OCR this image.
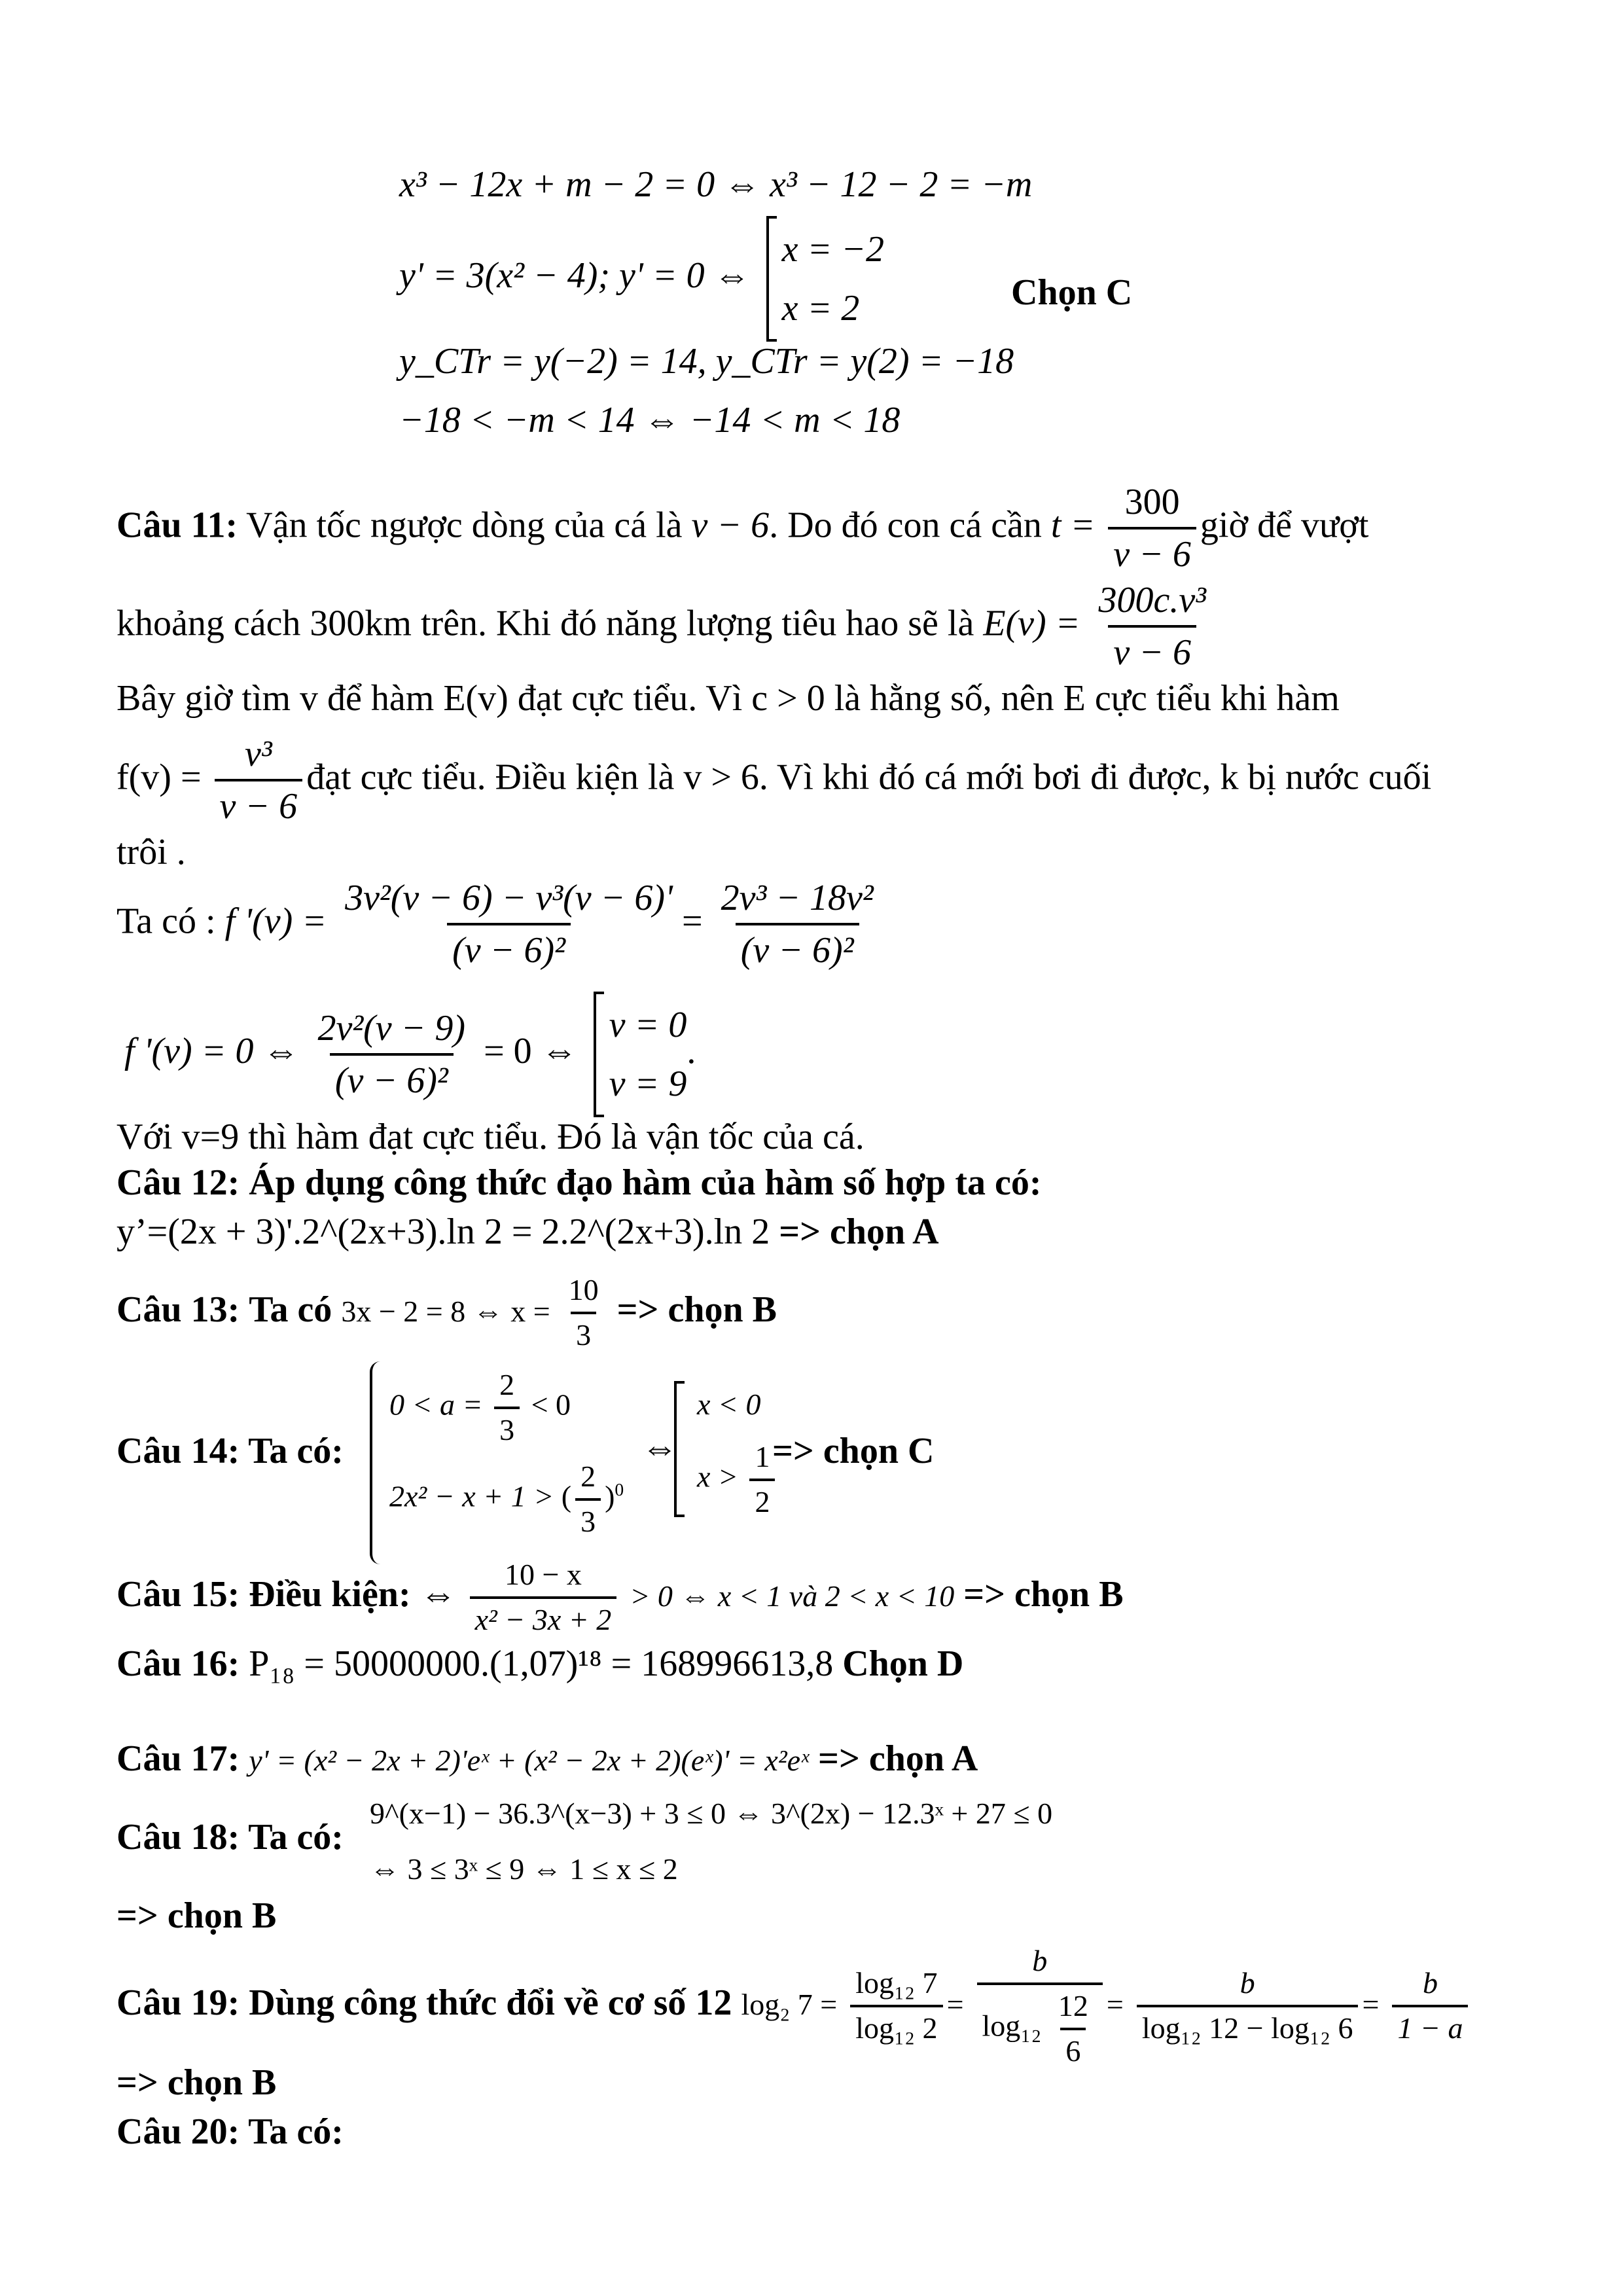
x³ − 12x + m − 2 = 0 ⇔ x³ − 12 − 2 = −m
y' = 3(x² − 4); y' = 0 ⇔
x = −2
x = 2	Chọn C
y_CTr = y(−2) = 14, y_CTr = y(2) = −18
−18 < −m < 14 ⇔ −14 < m < 18
Câu 11: Vận tốc ngược dòng của cá là v − 6. Do đó con cá cần $t = \frac{300}{v - 6}$ giờ để vượt
khoảng cách 300km trên. Khi đó năng lượng tiêu hao sẽ là $E(v) = \frac{\text{300c.v³}}{v - 6}$
Bây giờ tìm v để hàm E(v) đạt cực tiểu. Vì c > 0 là hằng số, nên E cực tiểu khi hàm
$f(v) = \frac{\text{v³}}{v - 6}$ đạt cực tiểu. Điều kiện là v > 6. Vì khi đó cá mới bơi đi được, k bị nước cuối
trôi .
Ta có : f '$(v) = \frac{\text{3v²(v − 6) − v³(v − 6)'}}{\text{(v − 6)²}} = \frac{\text{2v³ − 18v²}}{\text{(v − 6)²}}$
f '(v) = 0 ⇔ $\frac{\text{2v²(v − 9)}}{\text{(v − 6)²}} = 0$ ⇔
v = 0
v = 9
.
Với v=9 thì hàm đạt cực tiểu. Đó là vận tốc của cá.
Câu 12: Áp dụng công thức đạo hàm của hàm số hợp ta có:
y’=(2x + 3)'.2^(2x+3).ln 2 = 2.2^(2x+3).ln 2 => chọn A
Câu 13: Ta có 3x − 2 = 8 ⇔ $x = \frac{10}{3}$ => chọn B
Câu 14: Ta có:
$0 < a = \frac{2}{3} < 0$
2x² − x + 1 > ( $\frac{2}{3} )^0$
⇔
x < 0
$x > \frac{1}{2}$
=> chọn C
Câu 15: Điều kiện: ⇔ $\frac{10 - x}{\text{x² − 3x + 2}} > 0$ ⇔ x < 1 và 2 < x < 10 => chọn B
Câu 16: P₁₈ = 50000000.(1,07)¹⁸ = 168996613,8 Chọn D
Câu 17: y' = (x² − 2x + 2)'eˣ + (x² − 2x + 2)(eˣ)' = x²eˣ => chọn A
Câu 18: Ta có:
9^(x−1) − 36.3^(x−3) + 3 ≤ 0 ⇔ 3^(2x) − 12.3ˣ + 27 ≤ 0
⇔ 3 ≤ 3ˣ ≤ 9 ⇔ 1 ≤ x ≤ 2
=> chọn B
Câu 19: Dùng công thức đổi về cơ số 12 log₂ $7 = \frac{\text{log₁₂ 7}}{\text{log₁₂ 2}} = \frac{b}{\log_{12} \frac{12}{6}} = \frac{b}{\text{log₁₂ 12 − log₁₂ 6}} = \frac{b}{1 - a}$
=> chọn B
Câu 20: Ta có:
